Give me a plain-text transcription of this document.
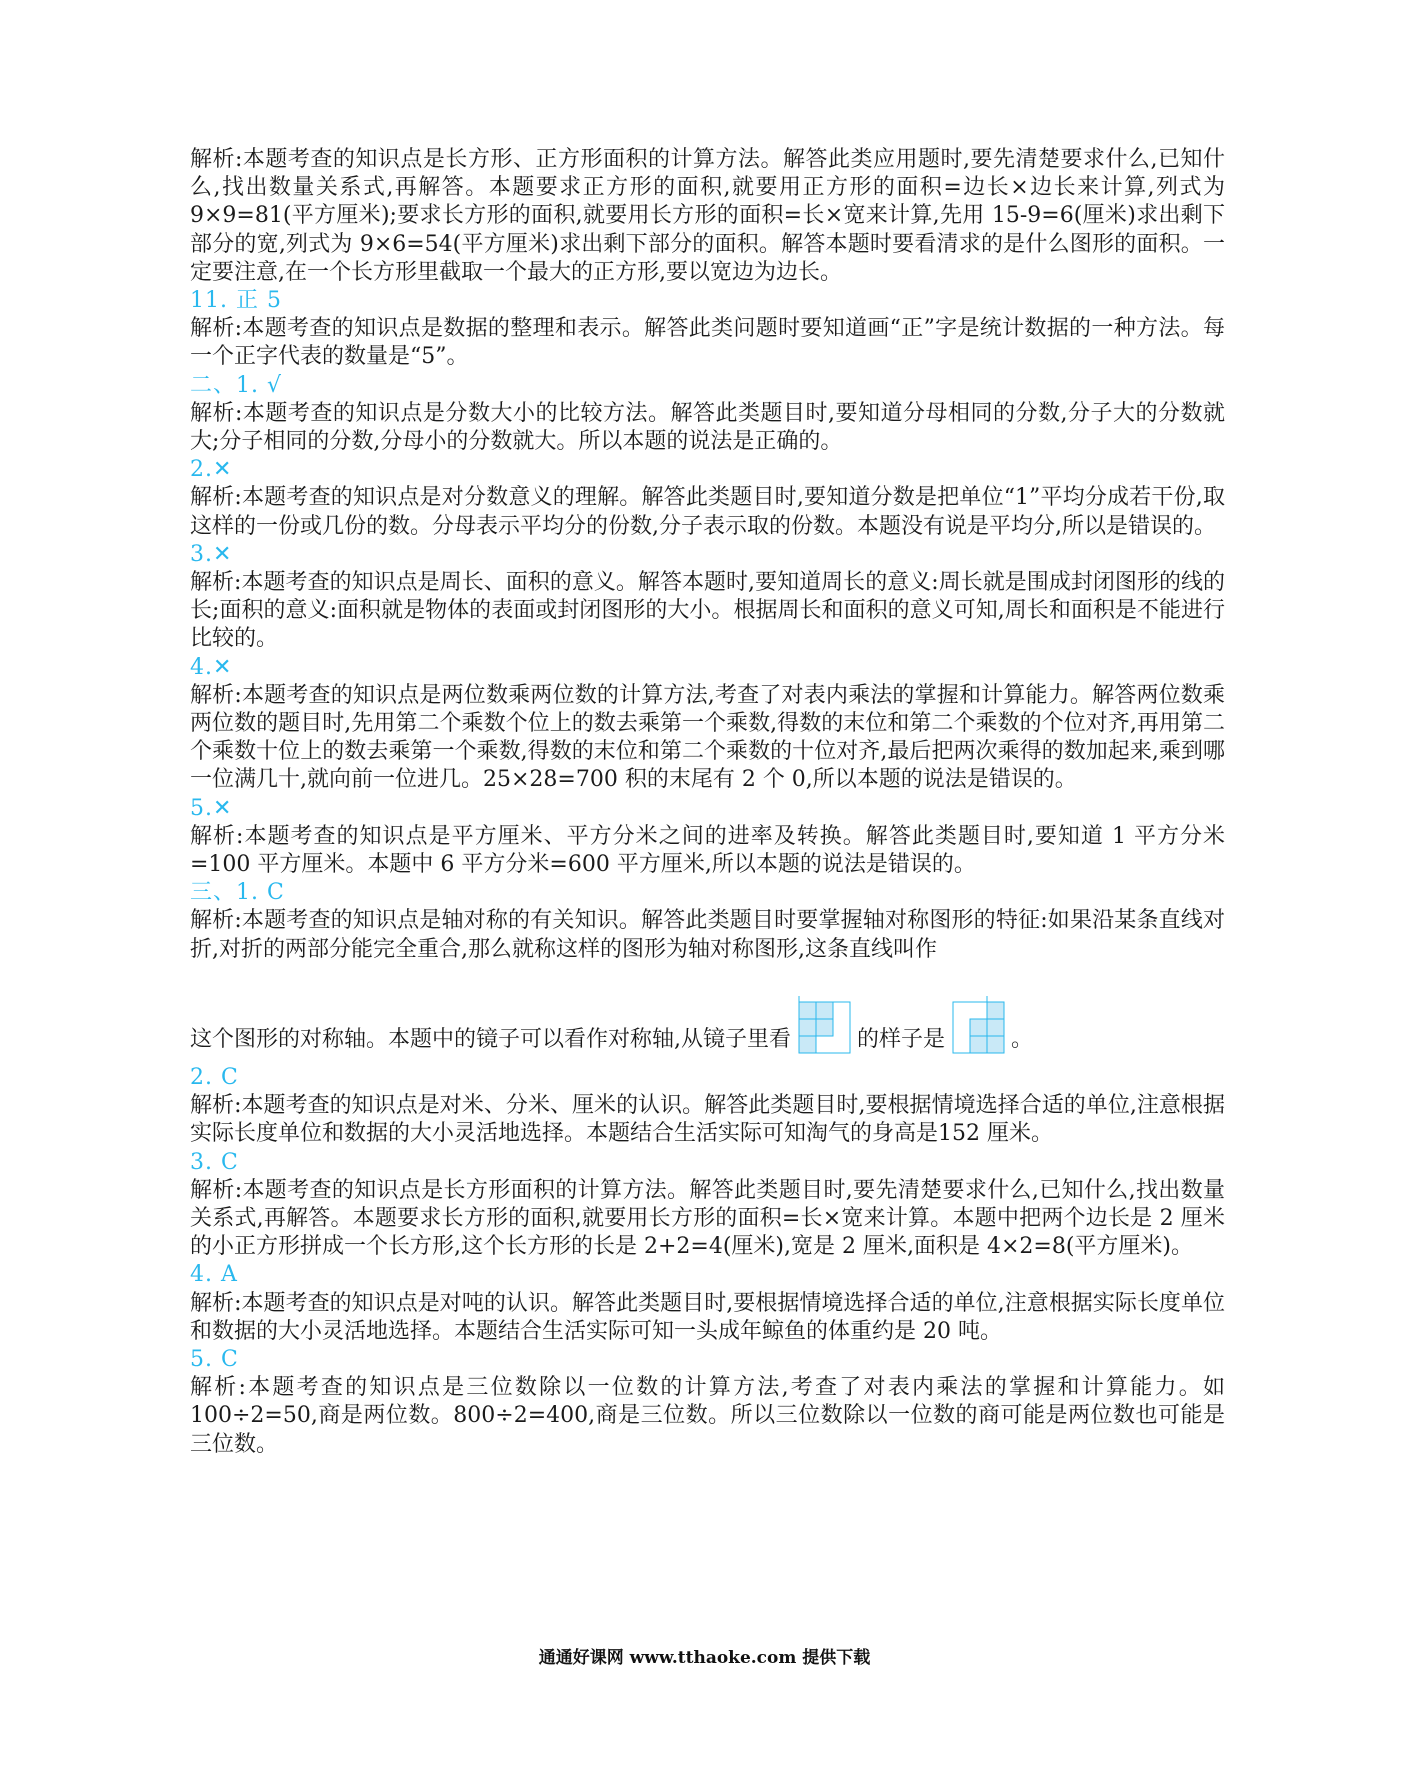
解析:本题考查的知识点是长方形、正方形面积的计算方法。解答此类应用题时,要先清楚要求什么,已知什么,找出数量关系式,再解答。本题要求正方形的面积,就要用正方形的面积=边长×边长来计算,列式为 9×9=81(平方厘米);要求长方形的面积,就要用长方形的面积=长×宽来计算,先用 15-9=6(厘米)求出剩下部分的宽,列式为 9×6=54(平方厘米)求出剩下部分的面积。解答本题时要看清求的是什么图形的面积。一定要注意,在一个长方形里截取一个最大的正方形,要以宽边为边长。

11. 正 5

解析:本题考查的知识点是数据的整理和表示。解答此类问题时要知道画“正”字是统计数据的一种方法。每一个正字代表的数量是“5”。

二、1. √

解析:本题考查的知识点是分数大小的比较方法。解答此类题目时,要知道分母相同的分数,分子大的分数就大;分子相同的分数,分母小的分数就大。所以本题的说法是正确的。

2.✕

解析:本题考查的知识点是对分数意义的理解。解答此类题目时,要知道分数是把单位“1”平均分成若干份,取这样的一份或几份的数。分母表示平均分的份数,分子表示取的份数。本题没有说是平均分,所以是错误的。

3.✕

解析:本题考查的知识点是周长、面积的意义。解答本题时,要知道周长的意义:周长就是围成封闭图形的线的长;面积的意义:面积就是物体的表面或封闭图形的大小。根据周长和面积的意义可知,周长和面积是不能进行比较的。

4.✕

解析:本题考查的知识点是两位数乘两位数的计算方法,考查了对表内乘法的掌握和计算能力。解答两位数乘两位数的题目时,先用第二个乘数个位上的数去乘第一个乘数,得数的末位和第二个乘数的个位对齐,再用第二个乘数十位上的数去乘第一个乘数,得数的末位和第二个乘数的十位对齐,最后把两次乘得的数加起来,乘到哪一位满几十,就向前一位进几。25×28=700 积的末尾有 2 个 0,所以本题的说法是错误的。

5.✕

解析:本题考查的知识点是平方厘米、平方分米之间的进率及转换。解答此类题目时,要知道 1 平方分米=100 平方厘米。本题中 6 平方分米=600 平方厘米,所以本题的说法是错误的。

三、1. C

解析:本题考查的知识点是轴对称的有关知识。解答此类题目时要掌握轴对称图形的特征:如果沿某条直线对折,对折的两部分能完全重合,那么就称这样的图形为轴对称图形,这条直线叫作

这个图形的对称轴。本题中的镜子可以看作对称轴,从镜子里看	的样子是	。
2. C

解析:本题考查的知识点是对米、分米、厘米的认识。解答此类题目时,要根据情境选择合适的单位,注意根据实际长度单位和数据的大小灵活地选择。本题结合生活实际可知淘气的身高是152 厘米。

3. C

解析:本题考查的知识点是长方形面积的计算方法。解答此类题目时,要先清楚要求什么,已知什么,找出数量关系式,再解答。本题要求长方形的面积,就要用长方形的面积=长×宽来计算。本题中把两个边长是 2 厘米的小正方形拼成一个长方形,这个长方形的长是 2+2=4(厘米),宽是 2 厘米,面积是 4×2=8(平方厘米)。

4. A

解析:本题考查的知识点是对吨的认识。解答此类题目时,要根据情境选择合适的单位,注意根据实际长度单位和数据的大小灵活地选择。本题结合生活实际可知一头成年鲸鱼的体重约是 20 吨。

5. C

解析:本题考查的知识点是三位数除以一位数的计算方法,考查了对表内乘法的掌握和计算能力。如 100÷2=50,商是两位数。800÷2=400,商是三位数。所以三位数除以一位数的商可能是两位数也可能是三位数。

通通好课网 www.tthaoke.com 提供下载
